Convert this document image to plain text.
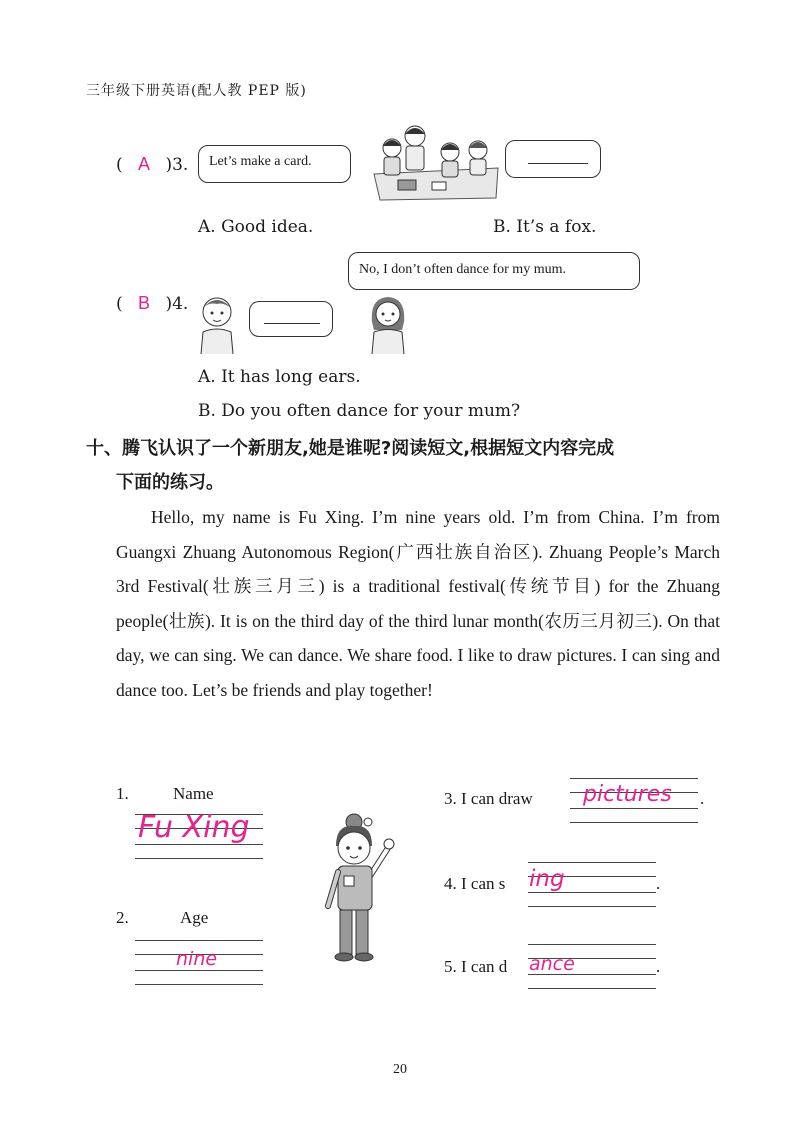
三年级下册英语(配人教 PEP 版)
( A )3.	Let’s make a card.
A. Good idea.	B. It’s a fox.
No, I don’t often dance for my mum.
( B )4.
A. It has long ears.
B. Do you often dance for your mum?
十、腾飞认识了一个新朋友,她是谁呢?阅读短文,根据短文内容完成
下面的练习。

Hello, my name is Fu Xing. I’m nine years old. I’m from China. I’m from Guangxi Zhuang Autonomous Region(广西壮族自治区). Zhuang People’s March 3rd Festival(壮族三月三) is a traditional festival(传统节目) for the Zhuang people(壮族). It is on the third day of the third lunar month(农历三月初三). On that day, we can sing. We can dance. We share food. I like to draw pictures. I can sing and dance too. Let’s be friends and play together!

1.	Name
Fu Xing
2.	Age
nine
3. I can draw pictures .
4. I can s ing	.
5. I can d ance	.
20
